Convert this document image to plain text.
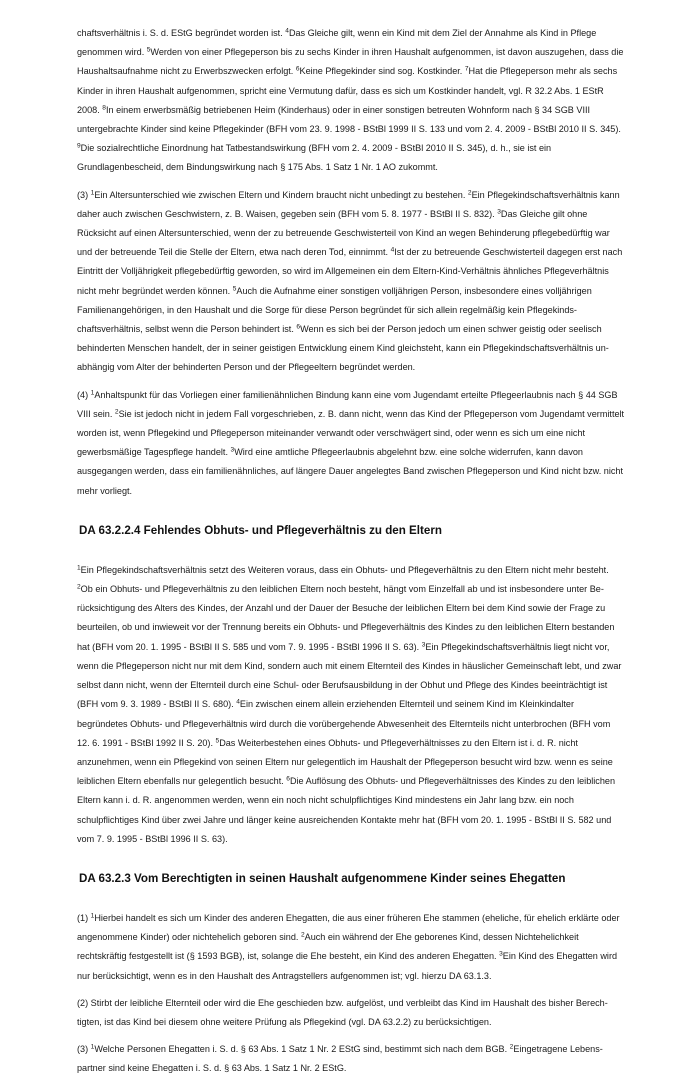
chaftsverhältnis i. S. d. EStG begründet worden ist. $^4$Das Gleiche gilt, wenn ein Kind mit dem Ziel der Annahme als Kind in Pflege genommen wird. $^5$Werden von einer Pflegeperson bis zu sechs Kinder in ihren Haushalt aufgenommen, ist davon auszugehen, dass die Haushaltsaufnahme nicht zu Erwerbszwecken erfolgt. $^6$Keine Pflegekinder sind sog. Kostkinder. $^7$Hat die Pflegeperson mehr als sechs Kinder in ihren Haushalt aufgenommen, spricht eine Vermutung dafür, dass es sich um Kostkinder handelt, vgl. R 32.2 Abs. 1 EStR 2008. $^8$In einem erwerbsmäßig betriebenen Heim (Kinderhaus) oder in einer sonstigen betreuten Wohnform nach § 34 SGB VIII untergebrachte Kinder sind keine Pflegekinder (BFH vom 23. 9. 1998 - BStBl 1999 II S. 133 und vom 2. 4. 2009 - BStBl 2010 II S. 345). $^9$Die sozialrechtliche Einordnung hat Tatbestandswirkung (BFH vom 2. 4. 2009 - BStBl 2010 II S. 345), d. h., sie ist ein Grundlagenbescheid, dem Bindungswirkung nach § 175 Abs. 1 Satz 1 Nr. 1 AO zukommt.

(3) $^1$Ein Altersunterschied wie zwischen Eltern und Kindern braucht nicht unbedingt zu bestehen. $^2$Ein Pflegekindschaftsverhältnis kann daher auch zwischen Geschwistern, z. B. Waisen, gegeben sein (BFH vom 5. 8. 1977 - BStBl II S. 832). $^3$Das Gleiche gilt ohne Rücksicht auf einen Altersunterschied, wenn der zu betreuende Geschwisterteil von Kind an wegen Behinderung pflegebedürftig war und der betreuende Teil die Stelle der Eltern, etwa nach deren Tod, einnimmt. $^4$Ist der zu betreuende Geschwisterteil dagegen erst nach Eintritt der Volljährigkeit pflegebedürftig geworden, so wird im Allgemeinen ein dem Eltern-Kind-Verhältnis ähnliches Pflegeverhältnis nicht mehr begründet werden können. $^5$Auch die Aufnahme einer sonstigen volljährigen Person, insbesondere eines volljährigen Familienangehörigen, in den Haushalt und die Sorge für diese Person begründet für sich allein regelmäßig kein Pflegekindschaftsverhältnis, selbst wenn die Person behindert ist. $^6$Wenn es sich bei der Person jedoch um einen schwer geistig oder seelisch behinderten Menschen handelt, der in seiner geistigen Entwicklung einem Kind gleichsteht, kann ein Pflegekindschaftsverhältnis unabhängig vom Alter der behinderten Person und der Pflegeeltern begründet werden.

(4) $^1$Anhaltspunkt für das Vorliegen einer familienähnlichen Bindung kann eine vom Jugendamt erteilte Pflegeerlaubnis nach § 44 SGB VIII sein. $^2$Sie ist jedoch nicht in jedem Fall vorgeschrieben, z. B. dann nicht, wenn das Kind der Pflegeperson vom Jugendamt vermittelt worden ist, wenn Pflegekind und Pflegeperson miteinander verwandt oder verschwägert sind, oder wenn es sich um eine nicht gewerbsmäßige Tagespflege handelt. $^3$Wird eine amtliche Pflegeerlaubnis abgelehnt bzw. eine solche widerrufen, kann davon ausgegangen werden, dass ein familienähnliches, auf längere Dauer angelegtes Band zwischen Pflegeperson und Kind nicht bzw. nicht mehr vorliegt.

DA 63.2.2.4 Fehlendes Obhuts- und Pflegeverhältnis zu den Eltern

$^1$Ein Pflegekindschaftsverhältnis setzt des Weiteren voraus, dass ein Obhuts- und Pflegeverhältnis zu den Eltern nicht mehr besteht. $^2$Ob ein Obhuts- und Pflegeverhältnis zu den leiblichen Eltern noch besteht, hängt vom Einzelfall ab und ist insbesondere unter Berücksichtigung des Alters des Kindes, der Anzahl und der Dauer der Besuche der leiblichen Eltern bei dem Kind sowie der Frage zu beurteilen, ob und inwieweit vor der Trennung bereits ein Obhuts- und Pflegeverhältnis des Kindes zu den leiblichen Eltern bestanden hat (BFH vom 20. 1. 1995 - BStBl II S. 585 und vom 7. 9. 1995 - BStBl 1996 II S. 63). $^3$Ein Pflegekindschaftsverhältnis liegt nicht vor, wenn die Pflegeperson nicht nur mit dem Kind, sondern auch mit einem Elternteil des Kindes in häuslicher Gemeinschaft lebt, und zwar selbst dann nicht, wenn der Elternteil durch eine Schul- oder Berufsausbildung in der Obhut und Pflege des Kindes beeinträchtigt ist (BFH vom 9. 3. 1989 - BStBl II S. 680). $^4$Ein zwischen einem allein erziehenden Elternteil und seinem Kind im Kleinkindalter begründetes Obhuts- und Pflegeverhältnis wird durch die vorübergehende Abwesenheit des Elternteils nicht unterbrochen (BFH vom 12. 6. 1991 - BStBl 1992 II S. 20). $^5$Das Weiterbestehen eines Obhuts- und Pflegeverhältnisses zu den Eltern ist i. d. R. nicht anzunehmen, wenn ein Pflegekind von seinen Eltern nur gelegentlich im Haushalt der Pflegeperson besucht wird bzw. wenn es seine leiblichen Eltern ebenfalls nur gelegentlich besucht. $^6$Die Auflösung des Obhuts- und Pflegeverhältnisses des Kindes zu den leiblichen Eltern kann i. d. R. angenommen werden, wenn ein noch nicht schulpflichtiges Kind mindestens ein Jahr lang bzw. ein noch schulpflichtiges Kind über zwei Jahre und länger keine ausreichenden Kontakte mehr hat (BFH vom 20. 1. 1995 - BStBl II S. 582 und vom 7. 9. 1995 - BStBl 1996 II S. 63).

DA 63.2.3 Vom Berechtigten in seinen Haushalt aufgenommene Kinder seines Ehegatten

(1) $^1$Hierbei handelt es sich um Kinder des anderen Ehegatten, die aus einer früheren Ehe stammen (eheliche, für ehelich erklärte oder angenommene Kinder) oder nichtehelich geboren sind. $^2$Auch ein während der Ehe geborenes Kind, dessen Nichtehelichkeit rechtskräftig festgestellt ist (§ 1593 BGB), ist, solange die Ehe besteht, ein Kind des anderen Ehegatten. $^3$Ein Kind des Ehegatten wird nur berücksichtigt, wenn es in den Haushalt des Antragstellers aufgenommen ist; vgl. hierzu DA 63.1.3.

(2) Stirbt der leibliche Elternteil oder wird die Ehe geschieden bzw. aufgelöst, und verbleibt das Kind im Haushalt des bisher Berechtigten, ist das Kind bei diesem ohne weitere Prüfung als Pflegekind (vgl. DA 63.2.2) zu berücksichtigen.

(3) $^1$Welche Personen Ehegatten i. S. d. § 63 Abs. 1 Satz 1 Nr. 2 EStG sind, bestimmt sich nach dem BGB. $^2$Eingetragene Lebenspartner sind keine Ehegatten i. S. d. § 63 Abs. 1 Satz 1 Nr. 2 EStG.
